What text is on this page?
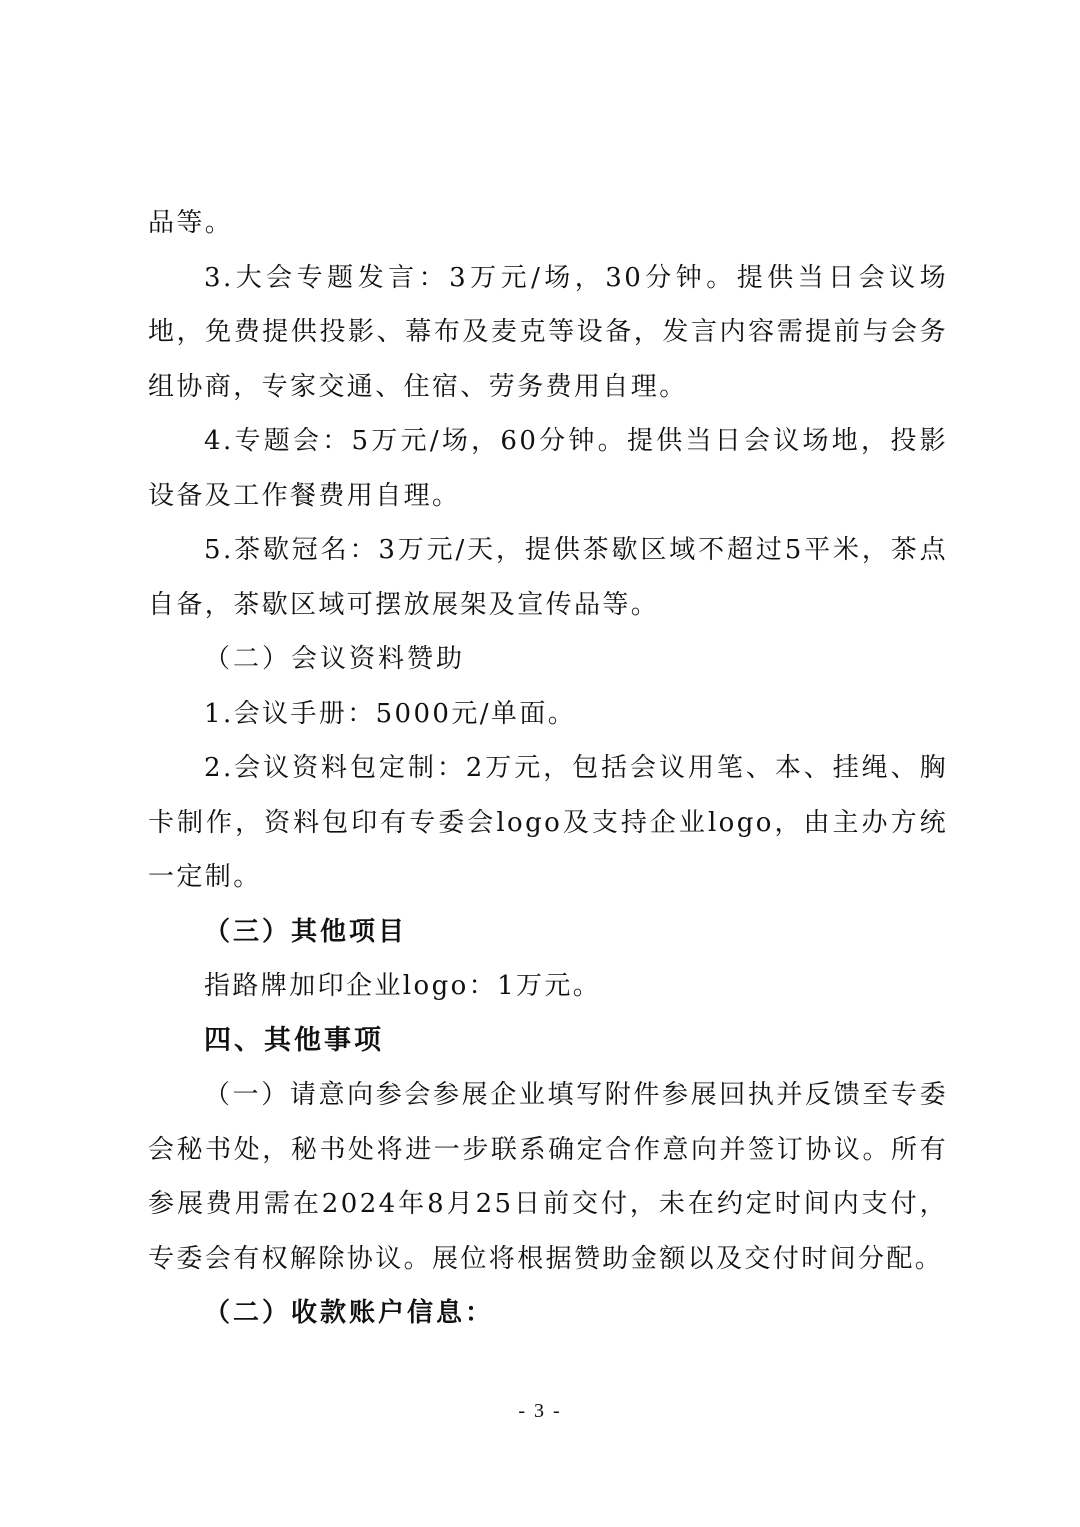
品等。

3.大会专题发言：3万元/场，30分钟。提供当日会议场地，免费提供投影、幕布及麦克等设备，发言内容需提前与会务组协商，专家交通、住宿、劳务费用自理。

4.专题会：5万元/场，60分钟。提供当日会议场地，投影设备及工作餐费用自理。

5.茶歇冠名：3万元/天，提供茶歇区域不超过5平米，茶点自备，茶歇区域可摆放展架及宣传品等。

（二）会议资料赞助

1.会议手册：5000元/单面。

2.会议资料包定制：2万元，包括会议用笔、本、挂绳、胸卡制作，资料包印有专委会logo及支持企业logo，由主办方统一定制。

（三）其他项目

指路牌加印企业logo：1万元。

四、其他事项

（一）请意向参会参展企业填写附件参展回执并反馈至专委会秘书处，秘书处将进一步联系确定合作意向并签订协议。所有参展费用需在2024年8月25日前交付，未在约定时间内支付，专委会有权解除协议。展位将根据赞助金额以及交付时间分配。

（二）收款账户信息：

- 3 -
